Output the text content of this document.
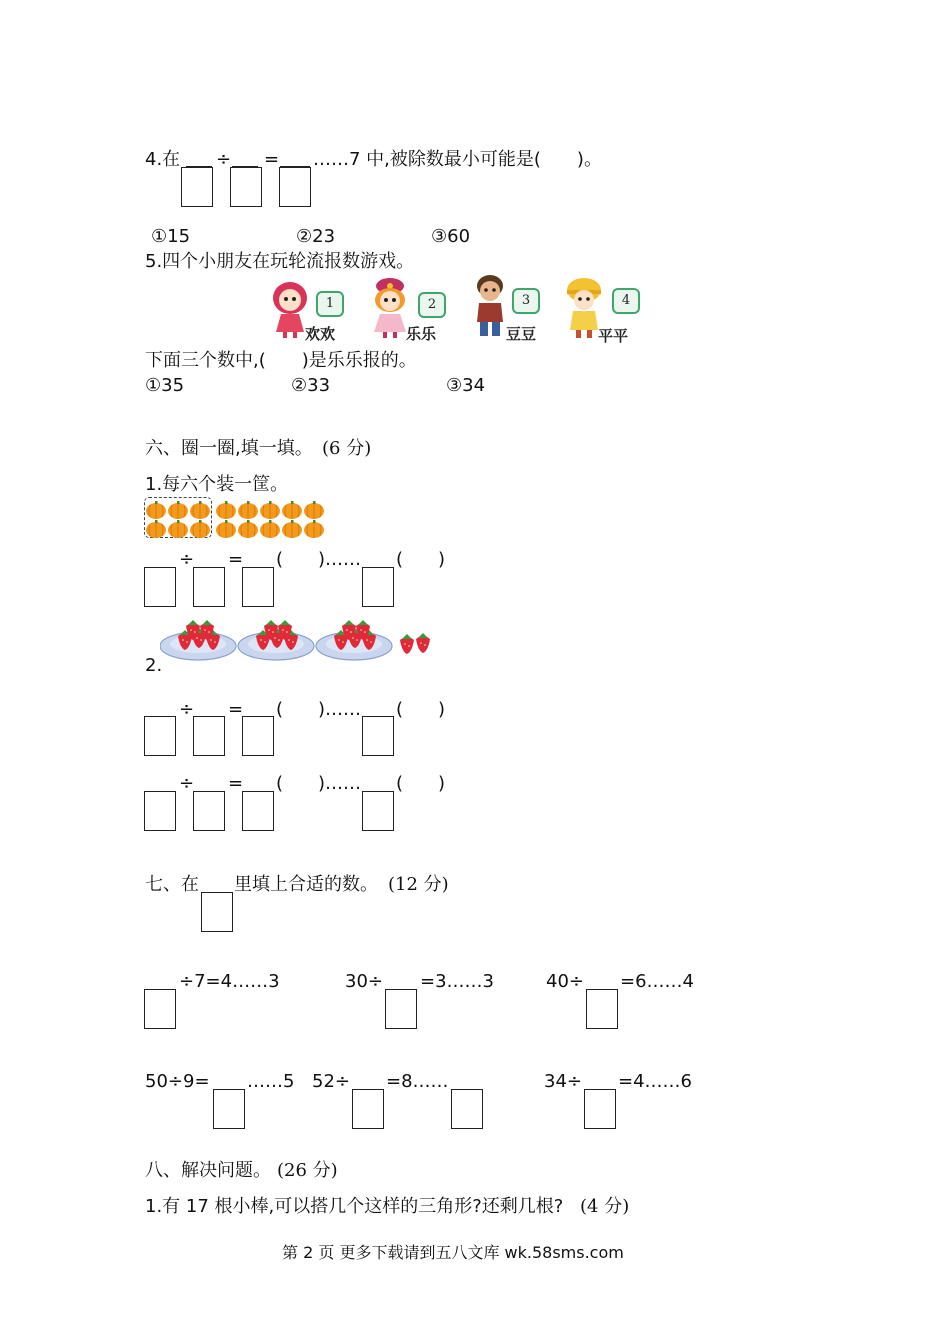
4.在 ÷ = ……7 中,被除数最小可能是(　　)。
①15	②23	③60
5.四个小朋友在玩轮流报数游戏。
1
欢欢
2
乐乐
3
豆豆
4
平平
下面三个数中,(　　)是乐乐报的。
①35	②33	③34
六、圈一圈,填一填。 (6 分)
1.每六个装一筐。
÷ = ( )…… ( )
2.
÷ = ( )…… ( )
÷ = ( )…… ( )
七、在 里填上合适的数。 (12 分)
÷7=4……3	30÷ =3……3	40÷ =6……4
50÷9= ……5 52÷ =8……	34÷ =4……6
八、解决问题。 (26 分)
1.有 17 根小棒,可以搭几个这样的三角形?还剩几根? (4 分)
第 2 页 更多下载请到五八文库 wk.58sms.com
